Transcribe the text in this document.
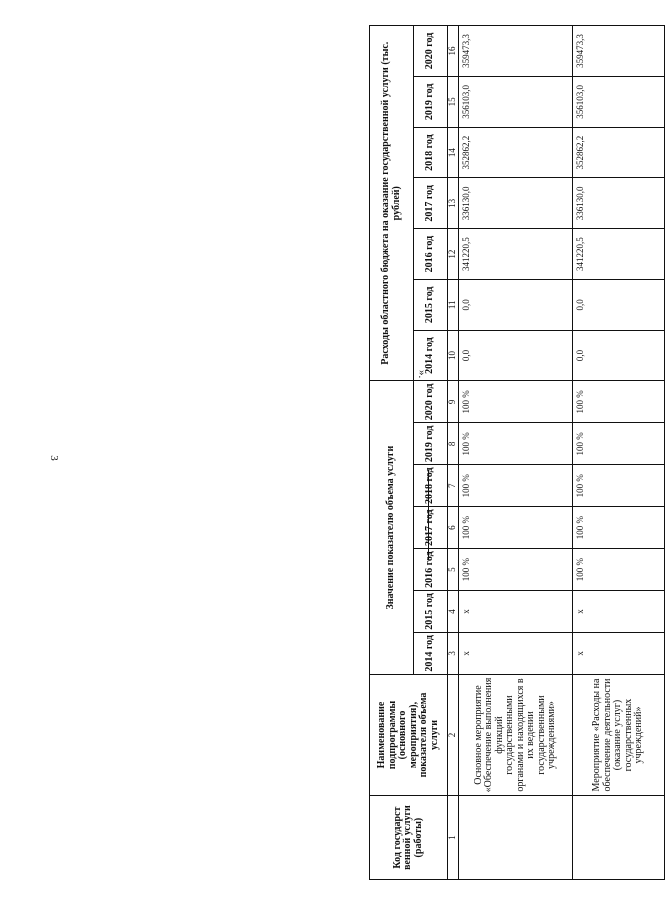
3
».
Код государст венной услуги (работы)	Наименование подпрограммы (основного мероприятия), показателя объема услуги	Значение показателю объема услуги							Расходы областного бюджета на оказание государственной услуги (тыс. рублей)						
		2014 год	2015 год	2016 год	2017 год	2018 год	2019 год	2020 год	2014 год	2015 год	2016 год	2017 год	2018 год	2019 год	2020 год
1	2	3	4	5	6	7	8	9	10	11	12	13	14	15	16
	Основное мероприятие «Обеспечение выполнения функций государственными органами и находящихся в их ведении государственными учреждениями»	x	x	100 %	100 %	100 %	100 %	100 %	0,0	0,0	341220,5	336130,0	352862,2	356103,0	359473,3
	Мероприятие «Расходы на обеспечение деятельности (оказание услуг) государственных учреждений»	x	x	100 %	100 %	100 %	100 %	100 %	0,0	0,0	341220,5	336130,0	352862,2	356103,0	359473,3
